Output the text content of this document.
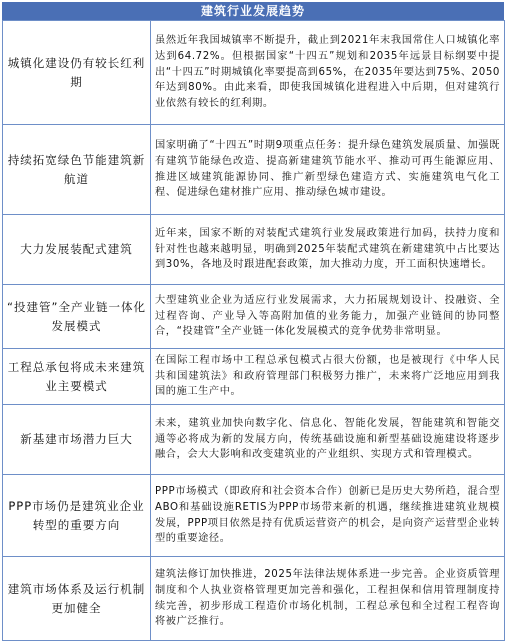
建筑行业发展趋势
城镇化建设仍有较长红利期	虽然近年我国城镇率不断提升，截止到2021年末我国常住人口城镇化率达到64.72%。但根据国家“十四五”规划和2035年远景目标纲要中提出“十四五”时期城镇化率要提高到65%，在2035年要达到75%、2050年达到80%。由此来看，即使我国城镇化进程进入中后期，但对建筑行业依然有较长的红利期。
持续拓宽绿色节能建筑新航道	国家明确了“十四五”时期9项重点任务：提升绿色建筑发展质量、加强既有建筑节能绿色改造、提高新建建筑节能水平、推动可再生能源应用、推进区域建筑能源协同、推广新型绿色建造方式、实施建筑电气化工程、促进绿色建材推广应用、推动绿色城市建设。
大力发展装配式建筑	近年来，国家不断的对装配式建筑行业发展政策进行加码，扶持力度和针对性也越来越明显，明确到2025年装配式建筑在新建建筑中占比要达到30%，各地及时跟进配套政策，加大推动力度，开工面积快速增长。
“投建管”全产业链一体化发展模式	大型建筑业企业为适应行业发展需求，大力拓展规划设计、投融资、全过程咨询、产业导入等高附加值的业务能力，加强产业链间的协同整合，“投建管”全产业链一体化发展模式的竞争优势非常明显。
工程总承包将成未来建筑业主要模式	在国际工程市场中工程总承包模式占很大份额，也是被现行《中华人民共和国建筑法》和政府管理部门积极努力推广，未来将广泛地应用到我国的施工生产中。
新基建市场潜力巨大	未来，建筑业加快向数字化、信息化、智能化发展，智能建筑和智能交通等必将成为新的发展方向，传统基础设施和新型基础设施建设将逐步融合，会大大影响和改变建筑业的产业组织、实现方式和管理模式。
PPP市场仍是建筑业企业转型的重要方向	PPP市场模式（即政府和社会资本合作）创新已是历史大势所趋，混合型ABO和基础设施RETIS为PPP市场带来新的机遇，继续推进建筑业规模发展，PPP项目依然是持有优质运营资产的机会，是向资产运营型企业转型的重要途径。
建筑市场体系及运行机制更加健全	建筑法修订加快推进，2025年法律法规体系进一步完善。企业资质管理制度和个人执业资格管理更加完善和强化，工程担保和信用管理制度持续完善，初步形成工程造价市场化机制，工程总承包和全过程工程咨询将被广泛推行。
